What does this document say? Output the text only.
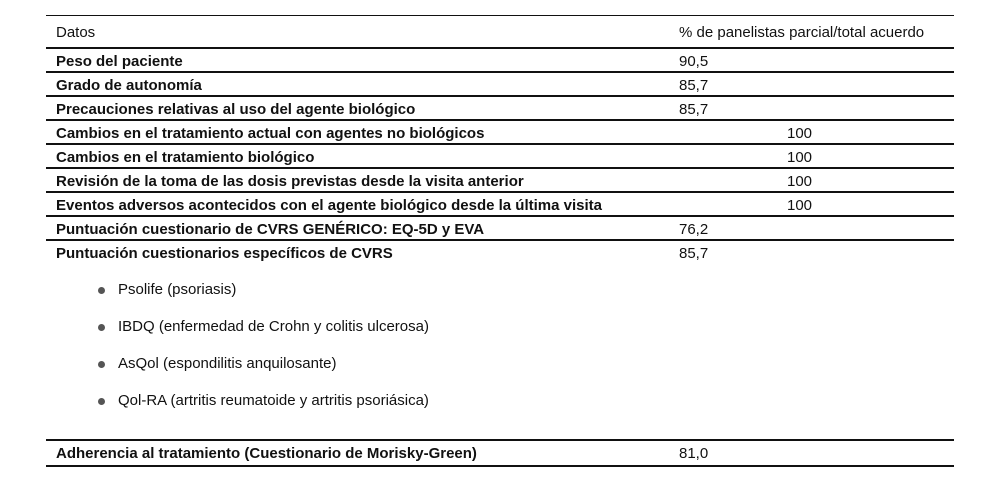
Datos	% de panelistas parcial/total acuerdo
Peso del paciente	90,5
Grado de autonomía	85,7
Precauciones relativas al uso del agente biológico	85,7
Cambios en el tratamiento actual con agentes no biológicos	100
Cambios en el tratamiento biológico	100
Revisión de la toma de las dosis previstas desde la visita anterior	100
Eventos adversos acontecidos con el agente biológico desde la última visita	100
Puntuación cuestionario de CVRS GENÉRICO: EQ-5D y EVA	76,2
Puntuación cuestionarios específicos de CVRS	85,7
Psolife (psoriasis)
IBDQ (enfermedad de Crohn y colitis ulcerosa)
AsQol (espondilitis anquilosante)
Qol-RA (artritis reumatoide y artritis psoriásica)
Adherencia al tratamiento (Cuestionario de Morisky-Green)	81,0
